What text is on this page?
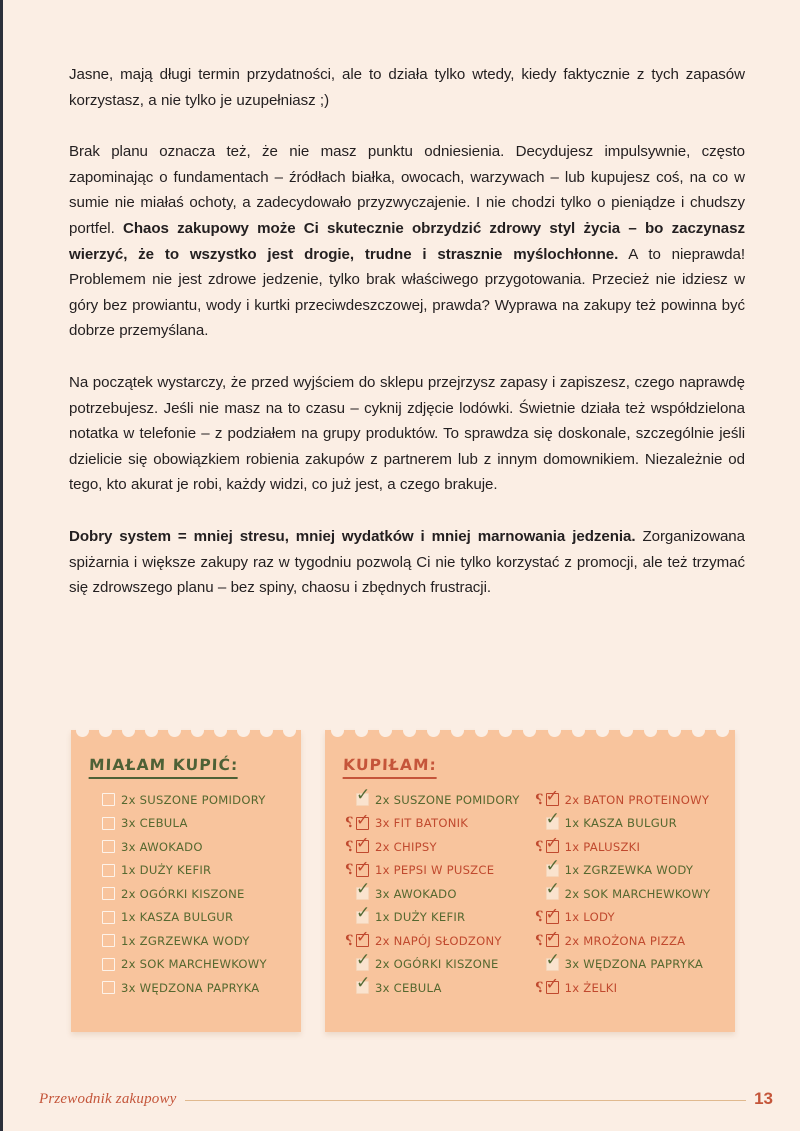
Jasne, mają długi termin przydatności, ale to działa tylko wtedy, kiedy faktycznie z tych zapasów korzystasz, a nie tylko je uzupełniasz ;)

Brak planu oznacza też, że nie masz punktu odniesienia. Decydujesz impulsywnie, często zapominając o fundamentach – źródłach białka, owocach, warzywach – lub kupujesz coś, na co w sumie nie miałaś ochoty, a zadecydowało przyzwyczajenie. I nie chodzi tylko o pieniądze i chudszy portfel. Chaos zakupowy może Ci skutecznie obrzydzić zdrowy styl życia – bo zaczynasz wierzyć, że to wszystko jest drogie, trudne i strasznie myślochłonne. A to nieprawda! Problemem nie jest zdrowe jedzenie, tylko brak właściwego przygotowania. Przecież nie idziesz w góry bez prowiantu, wody i kurtki przeciwdeszczowej, prawda? Wyprawa na zakupy też powinna być dobrze przemyślana.

Na początek wystarczy, że przed wyjściem do sklepu przejrzysz zapasy i zapiszesz, czego naprawdę potrzebujesz. Jeśli nie masz na to czasu – cyknij zdjęcie lodówki. Świetnie działa też współdzielona notatka w telefonie – z podziałem na grupy produktów. To sprawdza się doskonale, szczególnie jeśli dzielicie się obowiązkiem robienia zakupów z partnerem lub z innym domownikiem. Niezależnie od tego, kto akurat je robi, każdy widzi, co już jest, a czego brakuje.

Dobry system = mniej stresu, mniej wydatków i mniej marnowania jedzenia. Zorganizowana spiżarnia i większe zakupy raz w tygodniu pozwolą Ci nie tylko korzystać z promocji, ale też trzymać się zdrowszego planu – bez spiny, chaosu i zbędnych frustracji.

MIAŁAM KUPIĆ:
2x SUSZONE POMIDORY
3x CEBULA
3x AWOKADO
1x DUŻY KEFIR
2x OGÓRKI KISZONE
1x KASZA BULGUR
1x ZGRZEWKA WODY
2x SOK MARCHEWKOWY
3x WĘDZONA PAPRYKA
KUPIŁAM:
✓ 2x SUSZONE POMIDORY
? ✓ 3x FIT BATONIK
? ✓ 2x CHIPSY
? ✓ 1x PEPSI W PUSZCE
✓ 3x AWOKADO
✓ 1x DUŻY KEFIR
? ✓ 2x NAPÓJ SŁODZONY
✓ 2x OGÓRKI KISZONE
✓ 3x CEBULA
? ✓ 2x BATON PROTEINOWY
✓ 1x KASZA BULGUR
? ✓ 1x PALUSZKI
✓ 1x ZGRZEWKA WODY
✓ 2x SOK MARCHEWKOWY
? ✓ 1x LODY
? ✓ 2x MROŻONA PIZZA
✓ 3x WĘDZONA PAPRYKA
? ✓ 1x ŻELKI
Przewodnik zakupowy	13
